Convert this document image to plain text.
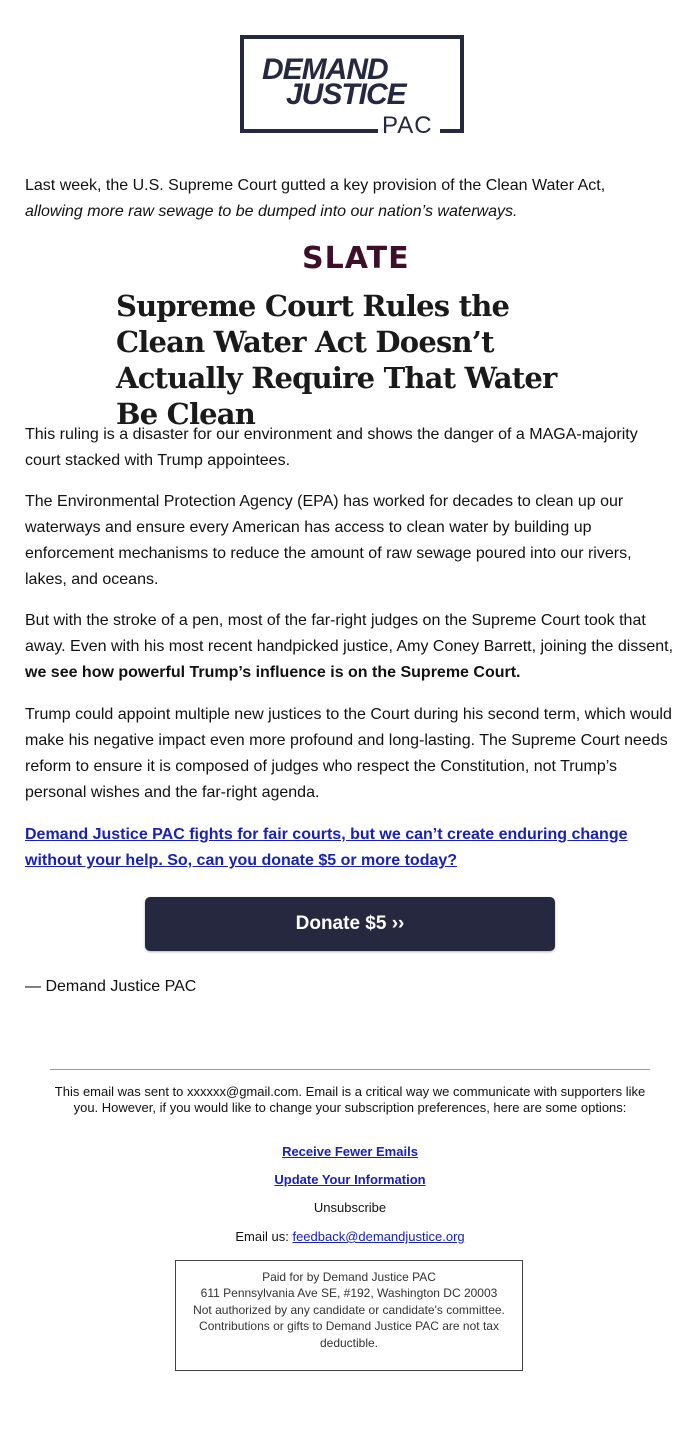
DEMAND
JUSTICE
PAC
Last week, the U.S. Supreme Court gutted a key provision of the Clean Water Act,
allowing more raw sewage to be dumped into our nation’s waterways.
SLATE
Supreme Court Rules the Clean Water Act Doesn’t Actually Require That Water Be Clean
This ruling is a disaster for our environment and shows the danger of a MAGA-majority court stacked with Trump appointees.
The Environmental Protection Agency (EPA) has worked for decades to clean up our waterways and ensure every American has access to clean water by building up enforcement mechanisms to reduce the amount of raw sewage poured into our rivers, lakes, and oceans.
But with the stroke of a pen, most of the far-right judges on the Supreme Court took that away. Even with his most recent handpicked justice, Amy Coney Barrett, joining the dissent, we see how powerful Trump’s influence is on the Supreme Court.
Trump could appoint multiple new justices to the Court during his second term, which would make his negative impact even more profound and long-lasting. The Supreme Court needs reform to ensure it is composed of judges who respect the Constitution, not Trump’s personal wishes and the far-right agenda.
Demand Justice PAC fights for fair courts, but we can’t create enduring change without your help. So, can you donate $5 or more today?
Donate $5 ››
— Demand Justice PAC
This email was sent to xxxxxx@gmail.com. Email is a critical way we communicate with supporters like you. However, if you would like to change your subscription preferences, here are some options:
Receive Fewer Emails
Update Your Information
Unsubscribe
Email us: feedback@demandjustice.org
Paid for by Demand Justice PAC
611 Pennsylvania Ave SE, #192, Washington DC 20003
Not authorized by any candidate or candidate's committee.
Contributions or gifts to Demand Justice PAC are not tax deductible.
